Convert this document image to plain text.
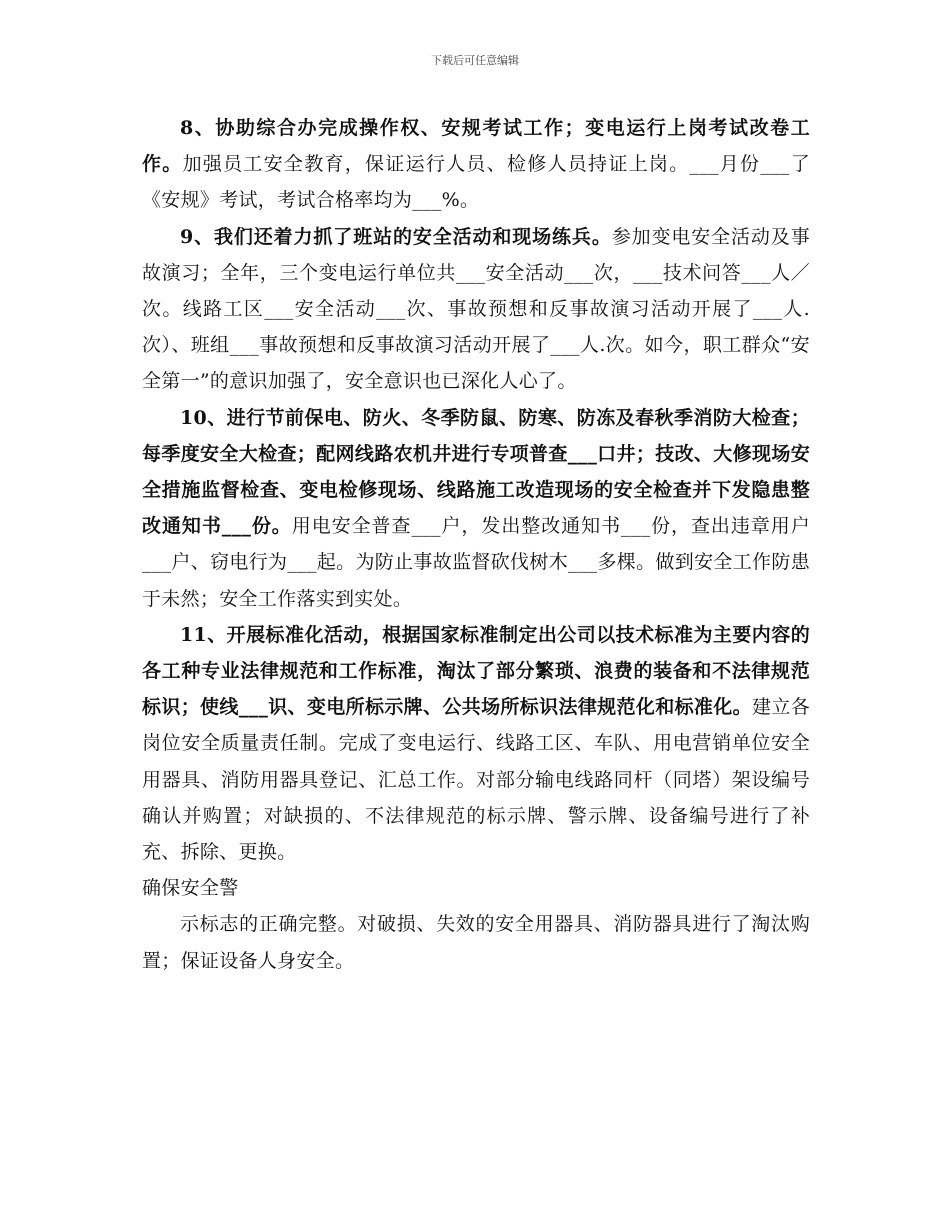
下载后可任意编辑

8、协助综合办完成操作权、安规考试工作；变电运行上岗考试改卷工作。加强员工安全教育，保证运行人员、检修人员持证上岗。___月份___了《安规》考试，考试合格率均为___%。

9、我们还着力抓了班站的安全活动和现场练兵。参加变电安全活动及事故演习；全年，三个变电运行单位共___安全活动___次，___技术问答___人／次。线路工区___安全活动___次、事故预想和反事故演习活动开展了___人.次）、班组___事故预想和反事故演习活动开展了___人.次。如今，职工群众“安全第一”的意识加强了，安全意识也已深化人心了。

10、进行节前保电、防火、冬季防鼠、防寒、防冻及春秋季消防大检查；每季度安全大检查；配网线路农机井进行专项普查___口井；技改、大修现场安全措施监督检查、变电检修现场、线路施工改造现场的安全检查并下发隐患整改通知书___份。用电安全普查___户，发出整改通知书___份，查出违章用户___户、窃电行为___起。为防止事故监督砍伐树木___多棵。做到安全工作防患于未然；安全工作落实到实处。

11、开展标准化活动，根据国家标准制定出公司以技术标准为主要内容的各工种专业法律规范和工作标准，淘汰了部分繁琐、浪费的装备和不法律规范标识；使线___识、变电所标示牌、公共场所标识法律规范化和标准化。建立各岗位安全质量责任制。完成了变电运行、线路工区、车队、用电营销单位安全用器具、消防用器具登记、汇总工作。对部分输电线路同杆（同塔）架设编号确认并购置；对缺损的、不法律规范的标示牌、警示牌、设备编号进行了补充、拆除、更换。

确保安全警

示标志的正确完整。对破损、失效的安全用器具、消防器具进行了淘汰购置；保证设备人身安全。
